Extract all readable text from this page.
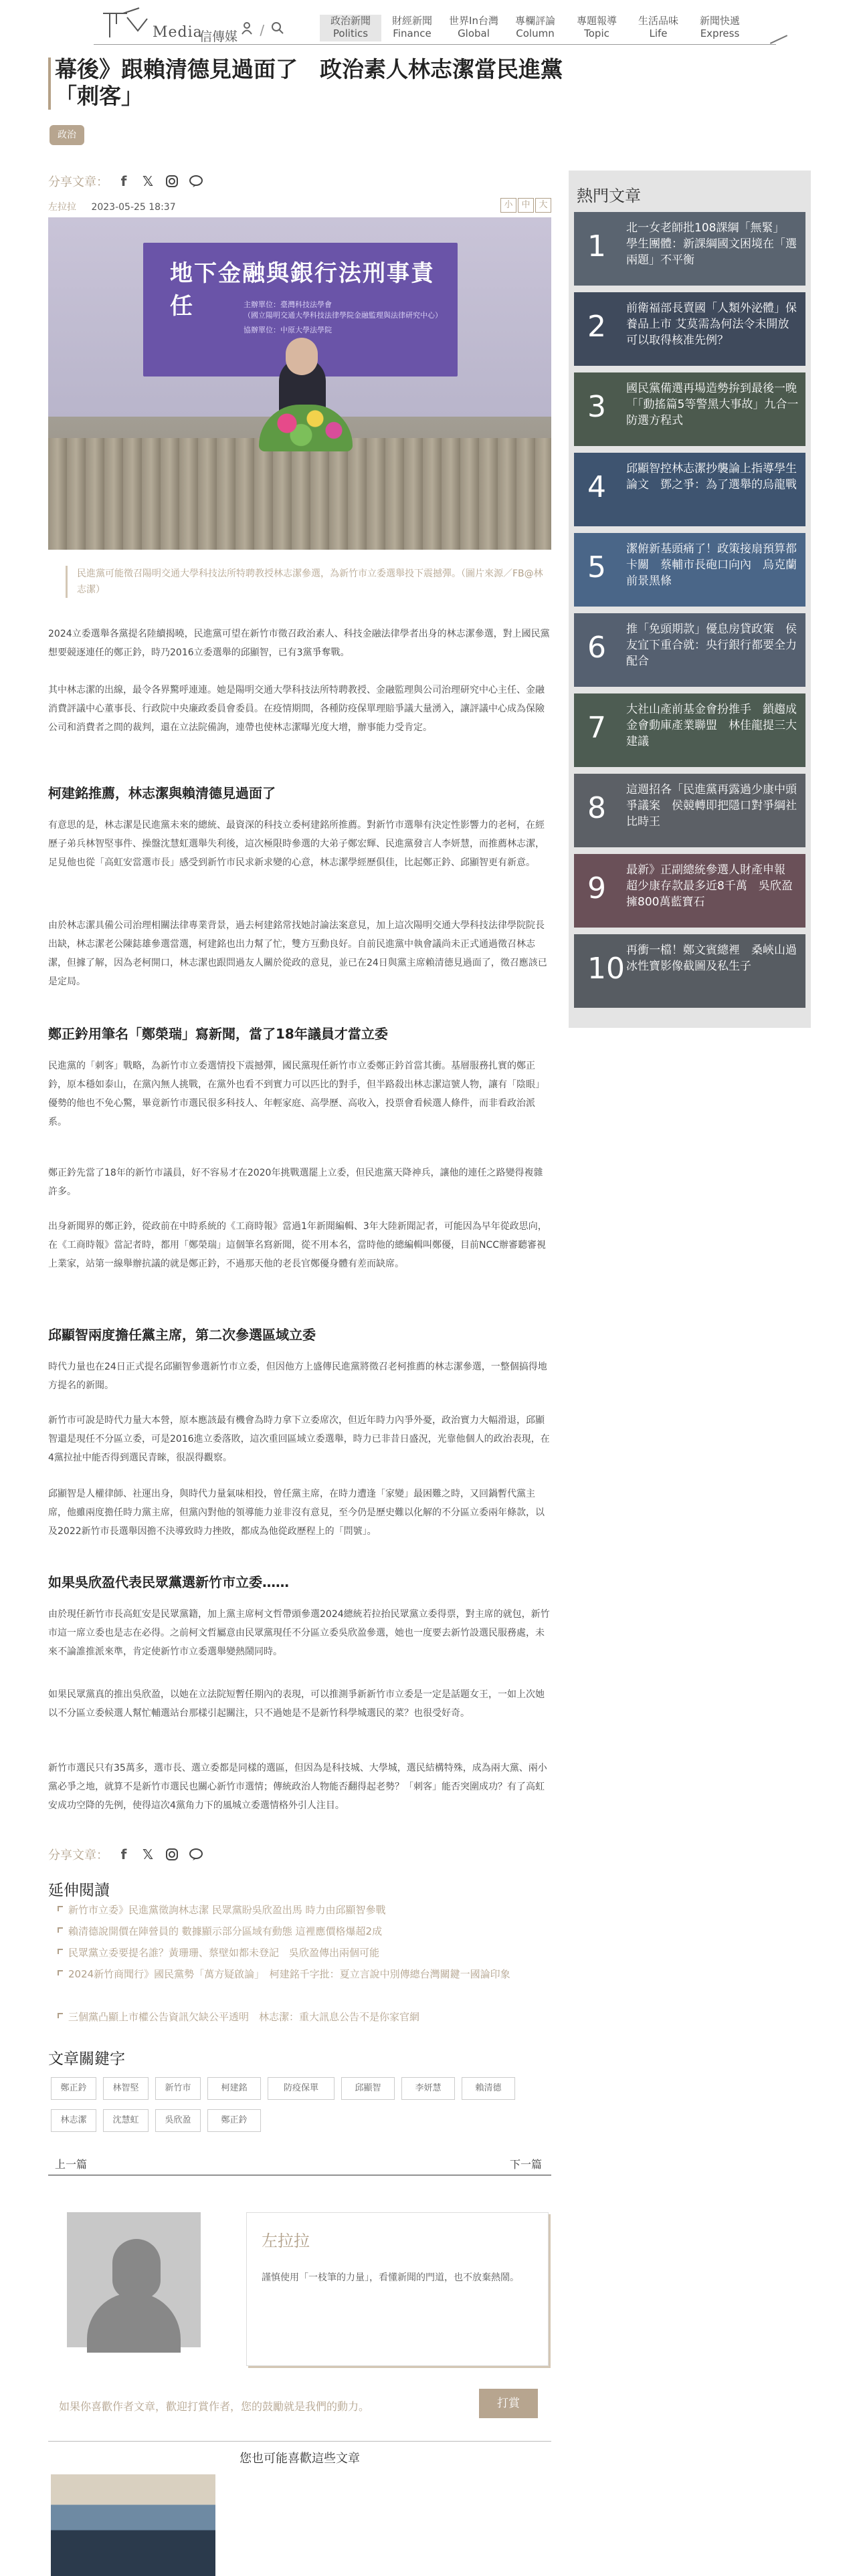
Media
信傳媒	/
政治新聞
Politics
財經新聞
Finance
世界In台灣
Global
專欄評論
Column
專題報導
Topic
生活品味
Life
新聞快遞
Express
幕後》跟賴清德見過面了　政治素人林志潔當民進黨「刺客」
政治
分享文章： f	𝕏
左拉拉 2023-05-25 18:37	小 中 大
地下金融與銀行法刑事責任	主辦單位：臺灣科技法學會
（國立陽明交通大學科技法律學院金融監理與法律研究中心）
協辦單位：中原大學法學院
民進黨可能徵召陽明交通大學科技法所特聘教授林志潔參選，為新竹市立委選舉投下震撼彈。（圖片來源／FB@林志潔）

2024立委選舉各黨提名陸續揭曉，民進黨可望在新竹市徵召政治素人、科技金融法律學者出身的林志潔參選，對上國民黨想要競逐連任的鄭正鈐，時乃2016立委選舉的邱顯智，已有3黨爭奪戰。

其中林志潔的出線，最令各界驚呼連連。她是陽明交通大學科技法所特聘教授、金融監理與公司治理研究中心主任、金融消費評議中心董事長、行政院中央廉政委員會委員。在疫情期間，各種防疫保單理賠爭議大量湧入，讓評議中心成為保險公司和消費者之間的裁判，還在立法院備詢，連帶也使林志潔曝光度大增，辦事能力受肯定。

柯建銘推薦，林志潔與賴清德見過面了

有意思的是，林志潔是民進黨未來的總統、最資深的科技立委柯建銘所推薦。對新竹市選舉有決定性影響力的老柯，在經歷子弟兵林智堅事件、操盤沈慧虹選舉失利後，這次極限時參選的大弟子鄭宏輝、民進黨發言人李妍慧，而推薦林志潔，足見他也從「高虹安當選市長」感受到新竹市民求新求變的心意，林志潔學經歷俱佳，比起鄭正鈐、邱顯智更有新意。

由於林志潔具備公司治理相關法律專業背景，過去柯建銘常找她討論法案意見，加上這次陽明交通大學科技法律學院院長出缺，林志潔老公陳鋕雄參選當選，柯建銘也出力幫了忙，雙方互動良好。自前民進黨中執會議尚未正式通過徵召林志潔，但據了解，因為老柯開口，林志潔也跟問過友人關於從政的意見，並已在24日與黨主席賴清德見過面了，徵召應該已是定局。

鄭正鈐用筆名「鄭榮瑞」寫新聞，當了18年議員才當立委

民進黨的「刺客」戰略，為新竹市立委選情投下震撼彈，國民黨現任新竹市立委鄭正鈐首當其衝。基層服務扎實的鄭正鈐，原本穩如泰山，在黨內無人挑戰，在黨外也看不到實力可以匹比的對手，但半路殺出林志潔這號人物，讓有「陰眼」優勢的他也不免心驚，畢竟新竹市選民很多科技人、年輕家庭、高學歷、高收入，投票會看候選人條件，而非看政治派系。

鄭正鈐先當了18年的新竹市議員，好不容易才在2020年挑戰選罷上立委，但民進黨天降神兵，讓他的連任之路變得複雜許多。

出身新聞界的鄭正鈐，從政前在中時系統的《工商時報》當過1年新聞編輯、3年大陸新聞記者，可能因為早年從政思向，在《工商時報》當記者時，都用「鄭榮瑞」這個筆名寫新聞，從不用本名，當時他的總編輯叫鄭優，目前NCC辦審聽審視上業家，站第一線舉辦抗議的就是鄭正鈐，不過那天他的老長官鄭優身體有差而缺席。

邱顯智兩度擔任黨主席，第二次參選區域立委

時代力量也在24日正式提名邱顯智參選新竹市立委，但因他方上盛傳民進黨將徵召老柯推薦的林志潔參選，一整個搞得地方提名的新聞。

新竹市可說是時代力量大本營，原本應該最有機會為時力拿下立委席次，但近年時力內爭外憂，政治實力大幅滑退，邱顯智還是現任不分區立委，可是2016進立委落敗，這次重回區域立委選舉，時力已非昔日盛況，光靠他個人的政治表現，在4黨拉扯中能否得到選民青睞，很誤得觀察。

邱顯智是人權律師、社運出身，與時代力量氣味相投，曾任黨主席，在時力遭逢「家變」最困難之時，又回鍋暫代黨主席，他雖兩度擔任時力黨主席，但黨內對他的領導能力並非沒有意見，至今仍是歷史難以化解的不分區立委兩年條款，以及2022新竹市長選舉因擔不決導致時力挫敗，都成為他從政歷程上的「問號」。

如果吳欣盈代表民眾黨選新竹市立委……

由於現任新竹市長高虹安是民眾黨籍，加上黨主席柯文哲帶頭參選2024總統若拉抬民眾黨立委得票，對主席的就包，新竹市這一席立委也是志在必得。之前柯文哲屬意由民眾黨現任不分區立委吳欣盈參選，她也一度要去新竹設選民服務處，未來不論誰推派來準，肯定使新竹市立委選舉變熱鬧同時。

如果民眾黨真的推出吳欣盈，以她在立法院短暫任期內的表現，可以推測爭新新竹市立委是一定是話題女王，一如上次她以不分區立委候選人幫忙輔選站台那樣引起關注，只不過她是不是新竹科學城選民的菜？也很受好奇。

新竹市選民只有35萬多，選市長、選立委都是同樣的選區，但因為是科技城、大學城，選民結構特殊，成為兩大黨、兩小黨必爭之地，就算不是新竹市選民也關心新竹市選情；傳統政治人物能否翻得起老勢？「刺客」能否突圍成功？有了高虹安成功空降的先例，使得這次4黨角力下的風城立委選情格外引人注目。

分享文章： f	𝕏
延伸閱讀
新竹市立委》民進黨徵詢林志潔 民眾黨盼吳欣盈出馬 時力由邱顯智參戰
賴清德說開價在陣營員的 數據顯示部分區域有動態 這裡應價格爆超2成
民眾黨立委要提名誰？黃珊珊、蔡壁如都未登記　吳欣盈傳出兩個可能
2024新竹商聞行》國民黨勢「萬方疑啟論」　柯建銘千字批：夏立言說中別傳總台灣關鍵一國論印象
三個黨凸顯上市權公告資訊欠缺公平透明　林志潔：重大訊息公告不是你家官網
文章關鍵字
鄭正鈐	林智堅	新竹市	柯建銘	防疫保單	邱顯智	李妍慧	賴清德
林志潔	沈慧虹	吳欣盈	鄭正鈐
上一篇	下一篇
左拉拉
謹慎使用「一枝筆的力量」，看懂新聞的門道，也不放棄熱鬧。
如果你喜歡作者文章，歡迎打賞作者，您的鼓勵就是我們的動力。	打賞
您也可能喜歡這些文章
熱門文章
1
北一女老師批108課綱「無緊」　學生團體：新課綱國文困境在「選兩題」不平衡
2
前衛福部長賣國「人類外泌體」保養品上市 艾莫需為何法令未開放可以取得核准先例？
3
國民黨備選再場造勢拚到最後一晚　「「動搖篇5等警黑大事故」九合一防選方程式
4
邱顯智控林志潔抄襲論上指導學生論文　鄧之爭：為了選舉的烏龍戰
5
潔俯新基頭痛了！政策接扇預算都卡關　蔡輔市長砲口向內　烏克蘭前景黑條
6
推「免頭期款」優息房貸政策　侯友宜下重合就：央行銀行都要全力配合
7
大社山產前基金會扮推手　鎖趨成金會動庫產業聯盟　林佳龍提三大建議
8
這週招各「民進黨再露過少康中頭爭議案　侯競轉即把隱口對爭綱社比時王
9
最新》正副總統參選人財產申報 超少康存款最多近8千萬　吳欣盈擁800萬藍寶石
10
再衝一檔！鄭文賓總裡　桑峽山過冰性寶影像截圖及私生子
